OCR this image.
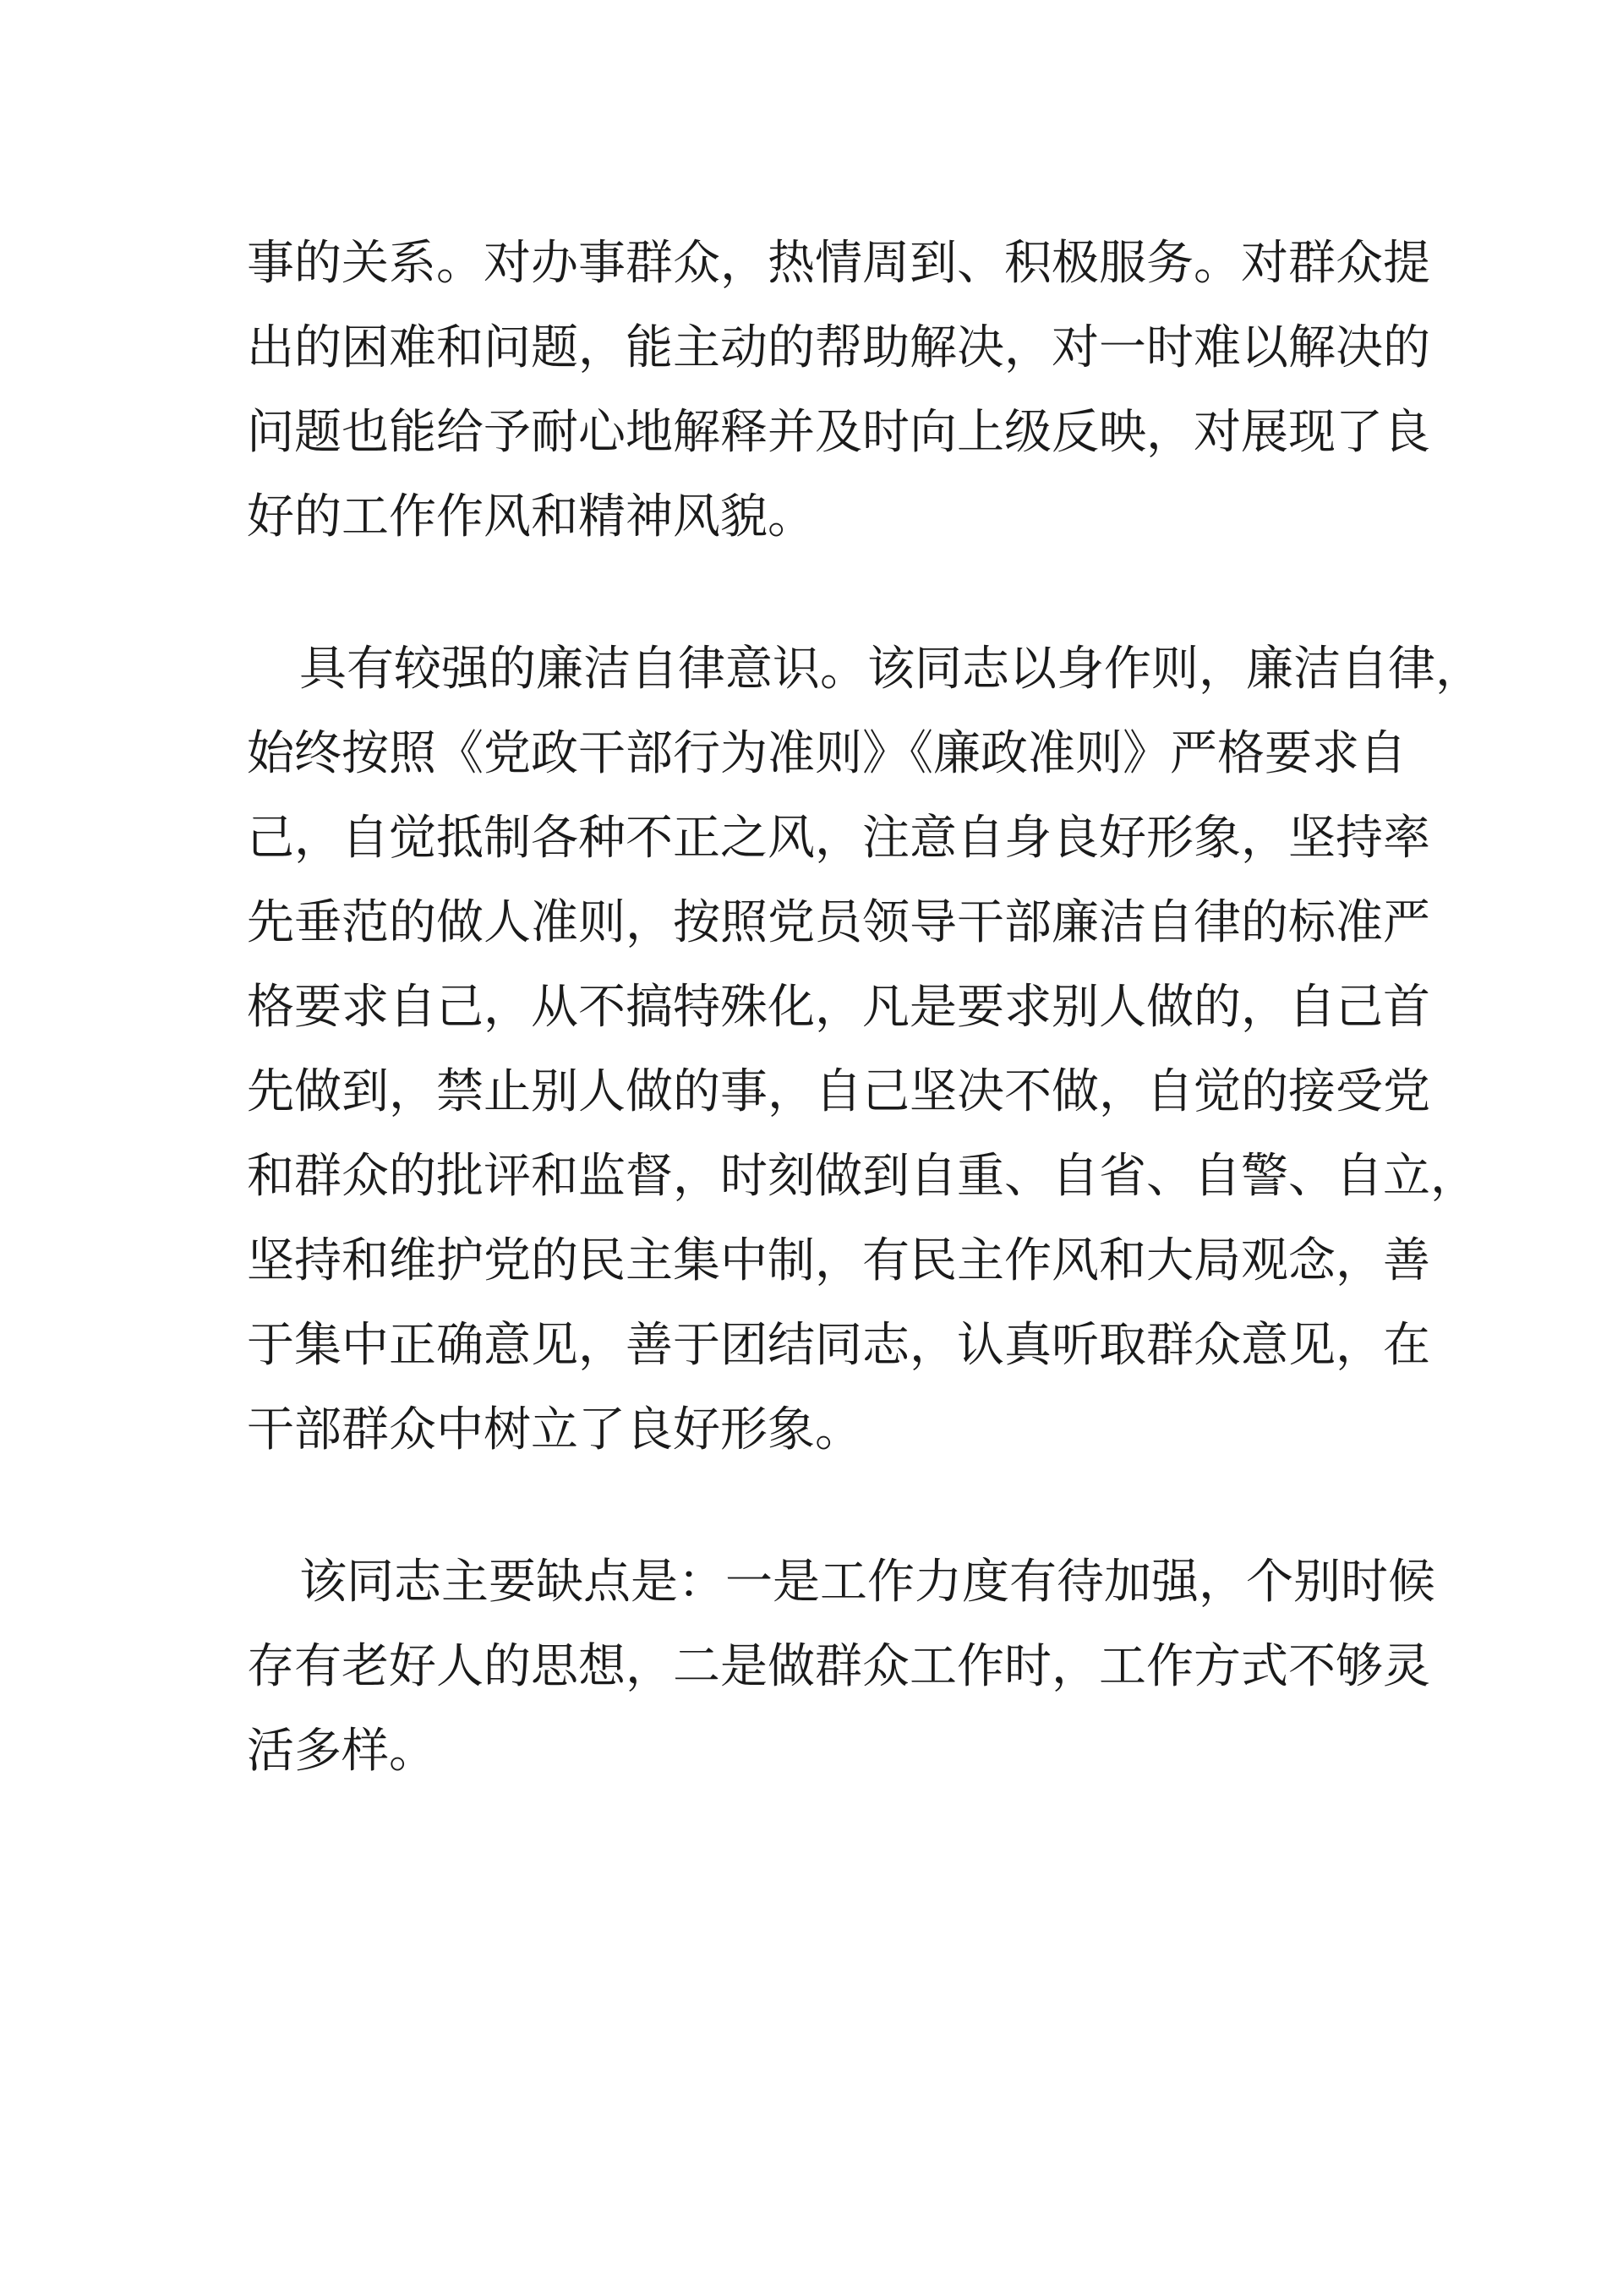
事的关系。对办事群众，热情周到、积极服务。对群众提
出的困难和问题，能主动的帮助解决，对一时难以解决的
问题也能给予耐心地解释并及时向上级反映，对展现了良
好的工作作风和精神风貌。
具有较强的廉洁自律意识。该同志以身作则，廉洁自律，
始终按照《党政干部行为准则》《廉政准则》严格要求自
己，自觉抵制各种不正之风，注意自身良好形象，坚持率
先垂范的做人准则，按照党员领导干部廉洁自律的标准严
格要求自己，从不搞特殊化，凡是要求别人做的，自己首
先做到，禁止别人做的事，自己坚决不做，自觉的接受党
和群众的批评和监督，时刻做到自重、自省、自警、自立，
坚持和维护党的民主集中制，有民主作风和大局观念，善
于集中正确意见，善于团结同志，认真听取群众意见，在
干部群众中树立了良好形象。
该同志主要缺点是：一是工作力度有待加强，个别时候
存有老好人的思想，二是做群众工作时，工作方式不够灵
活多样。
